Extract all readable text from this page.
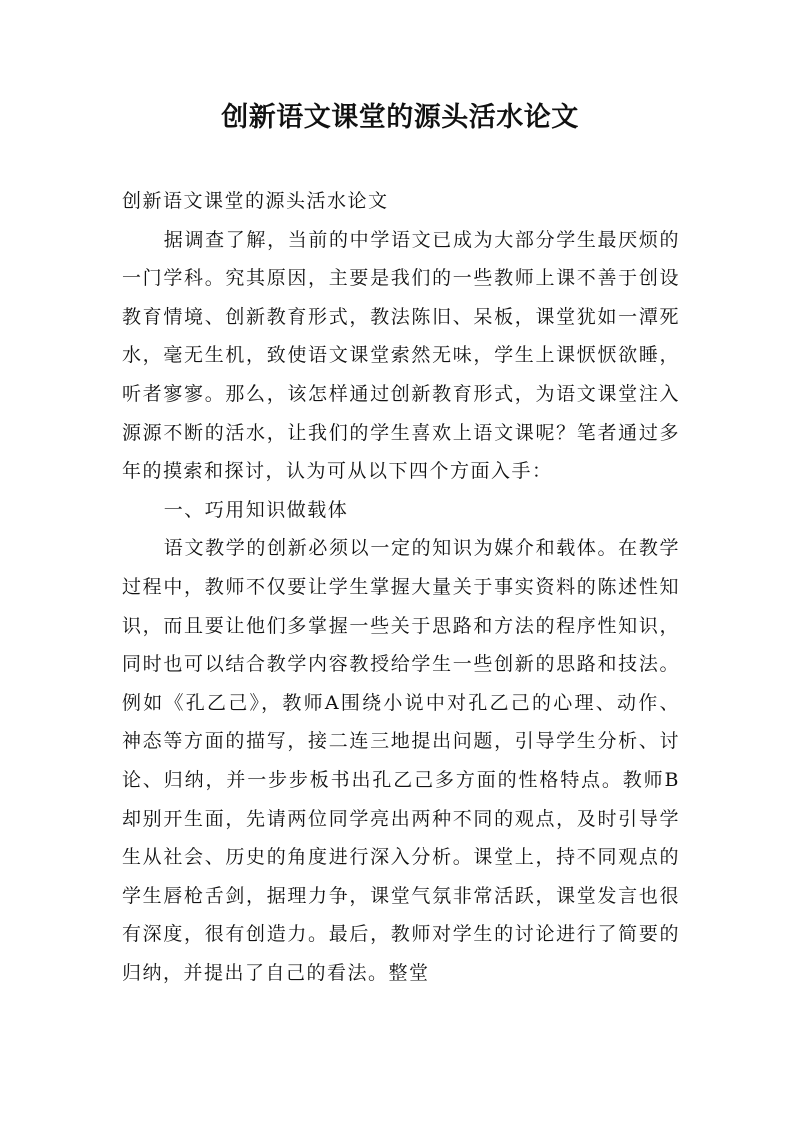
创新语文课堂的源头活水论文

创新语文课堂的源头活水论文

据调查了解，当前的中学语文已成为大部分学生最厌烦的一门学科。究其原因，主要是我们的一些教师上课不善于创设教育情境、创新教育形式，教法陈旧、呆板，课堂犹如一潭死水，毫无生机，致使语文课堂索然无味，学生上课恹恹欲睡，听者寥寥。那么，该怎样通过创新教育形式，为语文课堂注入源源不断的活水，让我们的学生喜欢上语文课呢？笔者通过多年的摸索和探讨，认为可从以下四个方面入手：

一、巧用知识做载体

语文教学的创新必须以一定的知识为媒介和载体。在教学过程中，教师不仅要让学生掌握大量关于事实资料的陈述性知识，而且要让他们多掌握一些关于思路和方法的程序性知识，同时也可以结合教学内容教授给学生一些创新的思路和技法。例如《孔乙己》，教师A围绕小说中对孔乙己的心理、动作、神态等方面的描写，接二连三地提出问题，引导学生分析、讨论、归纳，并一步步板书出孔乙己多方面的性格特点。教师B却别开生面，先请两位同学亮出两种不同的观点，及时引导学生从社会、历史的角度进行深入分析。课堂上，持不同观点的学生唇枪舌剑，据理力争，课堂气氛非常活跃，课堂发言也很有深度，很有创造力。最后，教师对学生的讨论进行了简要的归纳，并提出了自己的看法。整堂
